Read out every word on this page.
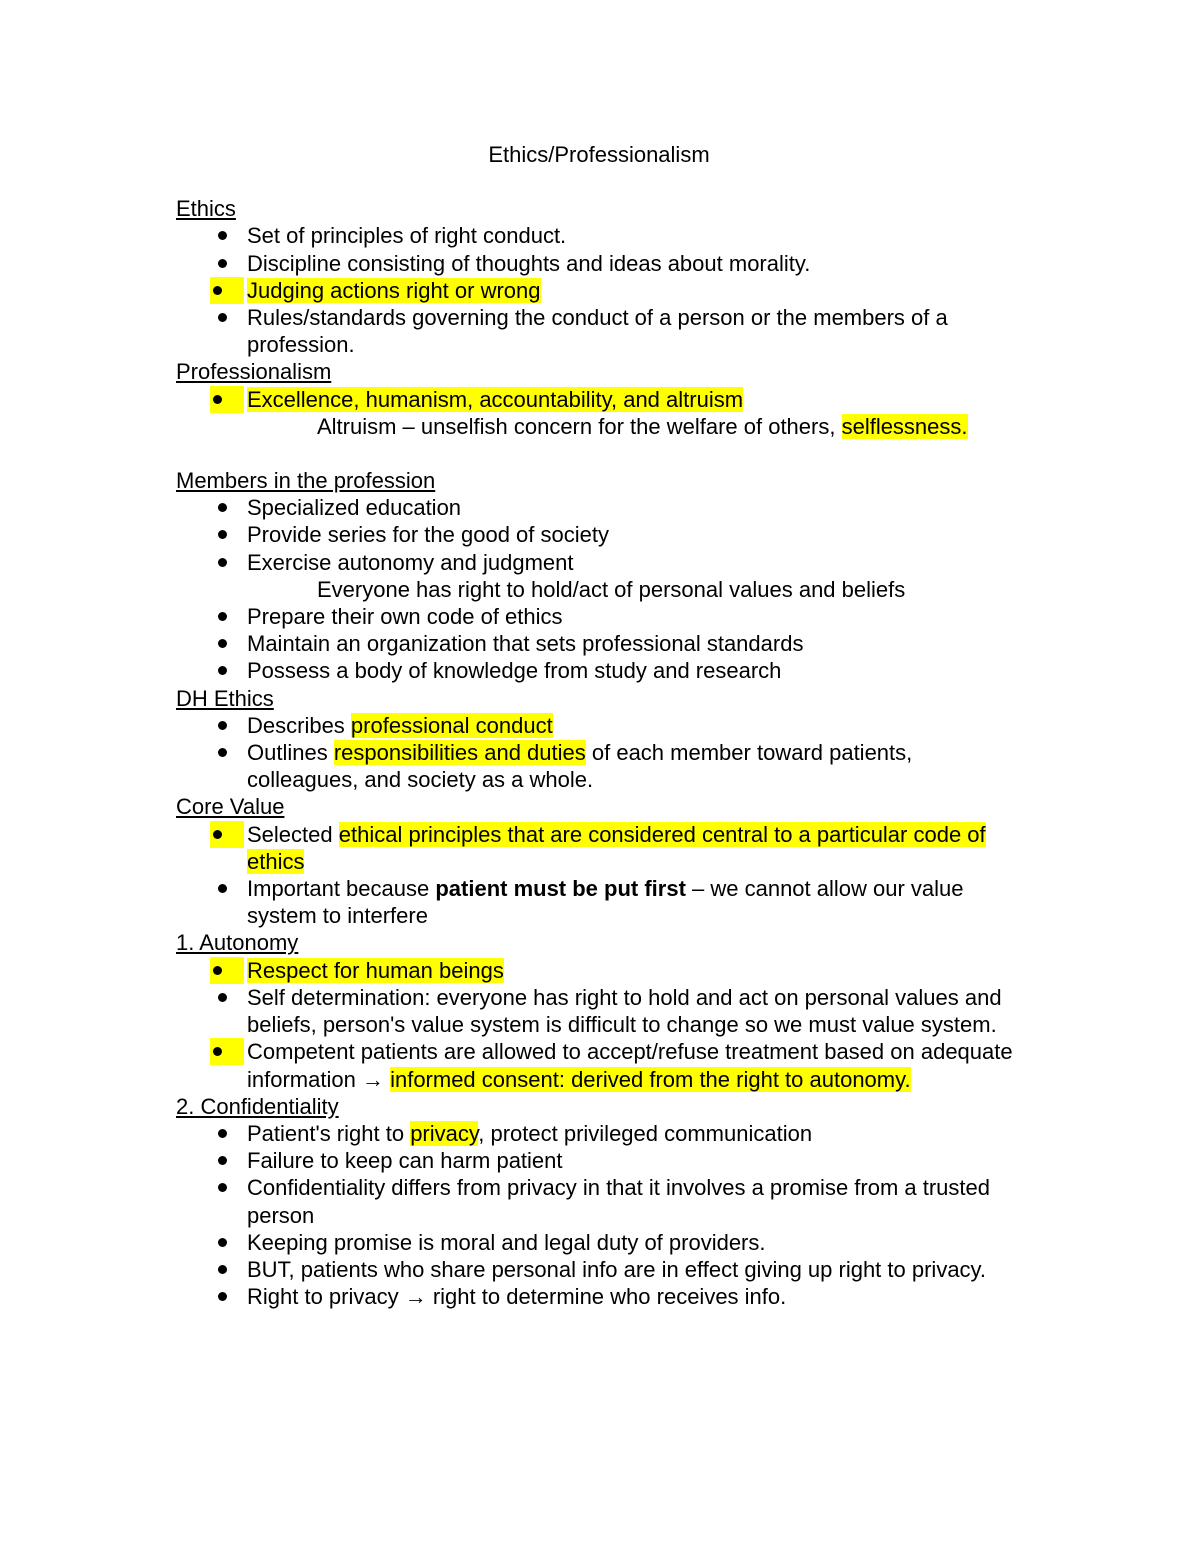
Ethics/Professionalism
Ethics
Set of principles of right conduct.
Discipline consisting of thoughts and ideas about morality.
Judging actions right or wrong
Rules/standards governing the conduct of a person or the members of a profession.
Professionalism
Excellence, humanism, accountability, and altruism
Altruism – unselfish concern for the welfare of others, selflessness.
Members in the profession
Specialized education
Provide series for the good of society
Exercise autonomy and judgment
Everyone has right to hold/act of personal values and beliefs
Prepare their own code of ethics
Maintain an organization that sets professional standards
Possess a body of knowledge from study and research
DH Ethics
Describes professional conduct
Outlines responsibilities and duties of each member toward patients, colleagues, and society as a whole.
Core Value
Selected ethical principles that are considered central to a particular code of ethics
Important because patient must be put first – we cannot allow our value system to interfere
1. Autonomy
Respect for human beings
Self determination: everyone has right to hold and act on personal values and beliefs, person's value system is difficult to change so we must value system.
Competent patients are allowed to accept/refuse treatment based on adequate information → informed consent: derived from the right to autonomy.
2. Confidentiality
Patient's right to privacy, protect privileged communication
Failure to keep can harm patient
Confidentiality differs from privacy in that it involves a promise from a trusted person
Keeping promise is moral and legal duty of providers.
BUT, patients who share personal info are in effect giving up right to privacy.
Right to privacy → right to determine who receives info.
